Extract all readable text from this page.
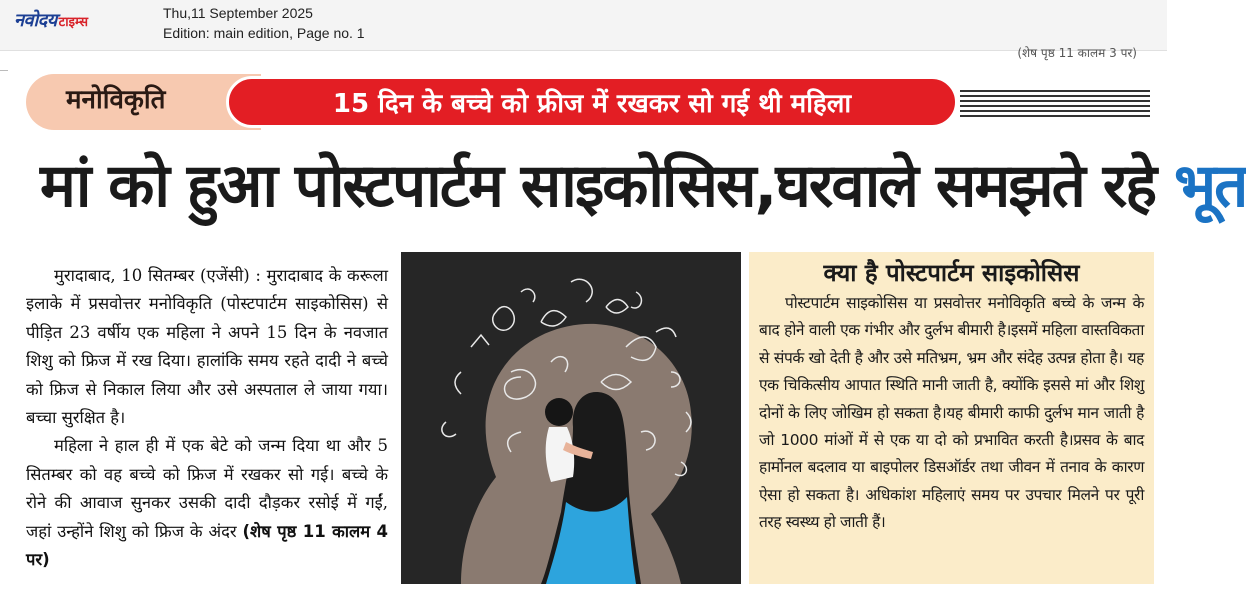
नवोदय टाइम्स
Thu,11 September 2025
Edition: main edition, Page no. 1
(शेष पृष्ठ 11 कालम 3 पर)
मनोविकृति	15 दिन के बच्चे को फ्रीज में रखकर सो गई थी महिला
मां को हुआ पोस्टपार्टम साइकोसिस,घरवाले समझते रहे भूत

मुरादाबाद, 10 सितम्बर (एजेंसी) : मुरादाबाद के करूला इलाके में प्रसवोत्तर मनोविकृति (पोस्टपार्टम साइकोसिस) से पीड़ित 23 वर्षीय एक महिला ने अपने 15 दिन के नवजात शिशु को फ्रिज में रख दिया। हालांकि समय रहते दादी ने बच्चे को फ्रिज से निकाल लिया और उसे अस्पताल ले जाया गया। बच्चा सुरक्षित है।

महिला ने हाल ही में एक बेटे को जन्म दिया था और 5 सितम्बर को वह बच्चे को फ्रिज में रखकर सो गई। बच्चे के रोने की आवाज सुनकर उसकी दादी दौड़कर रसोई में गईं, जहां उन्होंने शिशु को फ्रिज के अंदर (शेष पृष्ठ 11 कालम 4 पर)

क्या है पोस्टपार्टम साइकोसिस

पोस्टपार्टम साइकोसिस या प्रसवोत्तर मनोविकृति बच्चे के जन्म के बाद होने वाली एक गंभीर और दुर्लभ बीमारी है।इसमें महिला वास्तविकता से संपर्क खो देती है और उसे मतिभ्रम, भ्रम और संदेह उत्पन्न होता है। यह एक चिकित्सीय आपात स्थिति मानी जाती है, क्योंकि इससे मां और शिशु दोनों के लिए जोखिम हो सकता है।यह बीमारी काफी दुर्लभ मान जाती है जो 1000 मांओं में से एक या दो को प्रभावित करती है।प्रसव के बाद हार्मोनल बदलाव या बाइपोलर डिसऑर्डर तथा जीवन में तनाव के कारण ऐसा हो सकता है। अधिकांश महिलाएं समय पर उपचार मिलने पर पूरी तरह स्वस्थ्य हो जाती हैं।
